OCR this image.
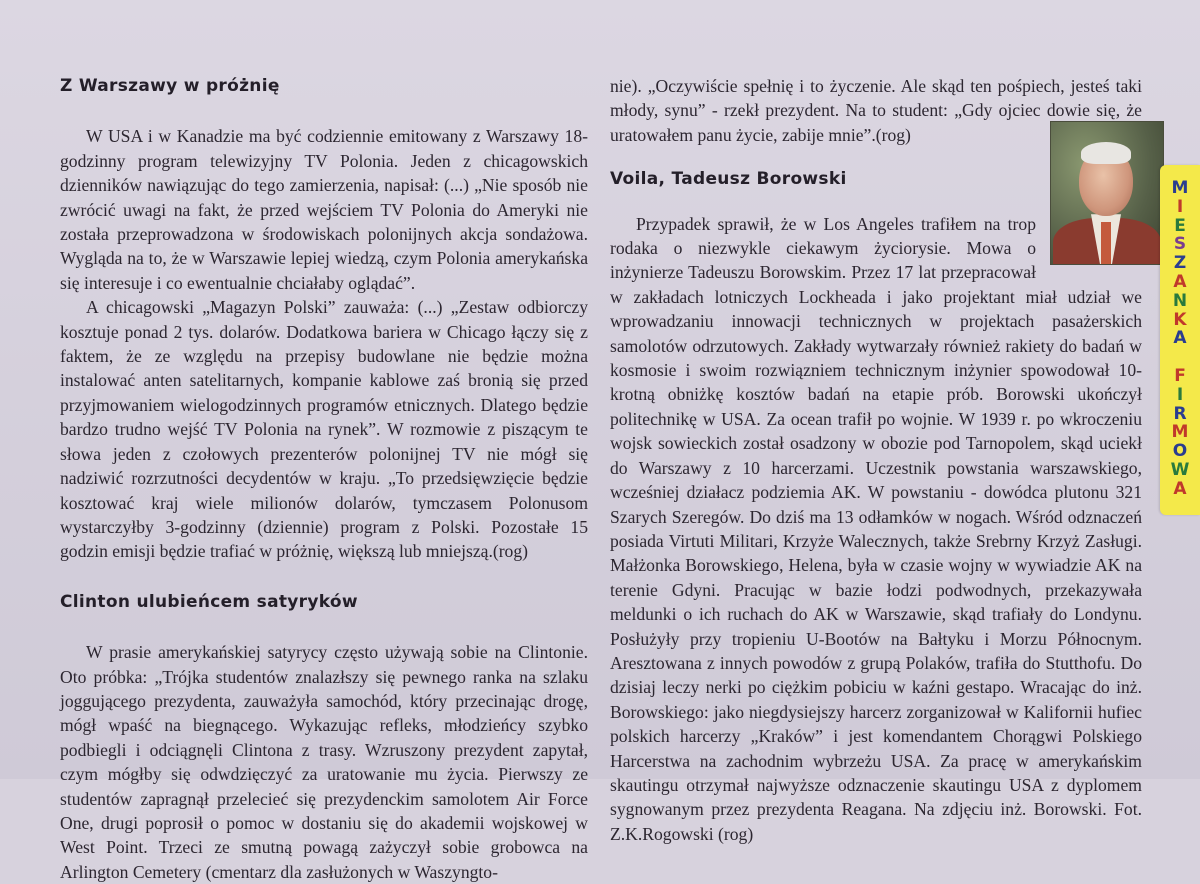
Z Warszawy w próżnię

W USA i w Kanadzie ma być codziennie emitowany z Warszawy 18-godzinny program telewizyjny TV Polonia. Jeden z chicagowskich dzienników nawiązując do tego zamierzenia, napisał: (...) „Nie sposób nie zwrócić uwagi na fakt, że przed wejściem TV Polonia do Ameryki nie została przeprowadzona w środowiskach polonijnych akcja sondażowa. Wygląda na to, że w Warszawie lepiej wiedzą, czym Polonia amerykańska się interesuje i co ewentualnie chciałaby oglądać”.

A chicagowski „Magazyn Polski” zauważa: (...) „Zestaw odbiorczy kosztuje ponad 2 tys. dolarów. Dodatkowa bariera w Chicago łączy się z faktem, że ze względu na przepisy budowlane nie będzie można instalować anten satelitarnych, kompanie kablowe zaś bronią się przed przyjmowaniem wielogodzinnych programów etnicznych. Dlatego będzie bardzo trudno wejść TV Polonia na rynek”. W rozmowie z piszącym te słowa jeden z czołowych prezenterów polonijnej TV nie mógł się nadziwić rozrzutności decydentów w kraju. „To przedsięwzięcie będzie kosztować kraj wiele milionów dolarów, tymczasem Polonusom wystarczyłby 3-godzinny (dziennie) program z Polski. Pozostałe 15 godzin emisji będzie trafiać w próżnię, większą lub mniejszą.(rog)

Clinton ulubieńcem satyryków

W prasie amerykańskiej satyrycy często używają sobie na Clintonie. Oto próbka: „Trójka studentów znalazłszy się pewnego ranka na szlaku joggującego prezydenta, zauważyła samochód, który przecinając drogę, mógł wpaść na biegnącego. Wykazując refleks, młodzieńcy szybko podbiegli i odciągnęli Clintona z trasy. Wzruszony prezydent zapytał, czym mógłby się odwdzięczyć za uratowanie mu życia. Pierwszy ze studentów zapragnął przelecieć się prezydenckim samolotem Air Force One, drugi poprosił o pomoc w dostaniu się do akademii wojskowej w West Point. Trzeci ze smutną powagą zażyczył sobie grobowca na Arlington Cemetery (cmentarz dla zasłużonych w Waszyngto-

nie). „Oczywiście spełnię i to życzenie. Ale skąd ten pośpiech, jesteś taki młody, synu” - rzekł prezydent. Na to student: „Gdy ojciec dowie się, że uratowałem panu życie, zabije mnie”.(rog)

Voila, Tadeusz Borowski

Przypadek sprawił, że w Los Angeles trafiłem na trop rodaka o niezwykle ciekawym życiorysie. Mowa o inżynierze Tadeuszu Borowskim. Przez 17 lat przepracował w zakładach lotniczych Lockheada i jako projektant miał udział we wprowadzaniu innowacji technicznych w projektach pasażerskich samolotów odrzutowych. Zakłady wytwarzały również rakiety do badań w kosmosie i swoim rozwiązniem technicznym inżynier spowodował 10-krotną obniżkę kosztów badań na etapie prób. Borowski ukończył politechnikę w USA. Za ocean trafił po wojnie. W 1939 r. po wkroczeniu wojsk sowieckich został osadzony w obozie pod Tarnopolem, skąd uciekł do Warszawy z 10 harcerzami. Uczestnik powstania warszawskiego, wcześniej działacz podziemia AK. W powstaniu - dowódca plutonu 321 Szarych Szeregów. Do dziś ma 13 odłamków w nogach. Wśród odznaczeń posiada Virtuti Militari, Krzyże Walecznych, także Srebrny Krzyż Zasługi. Małżonka Borowskiego, Helena, była w czasie wojny w wywiadzie AK na terenie Gdyni. Pracując w bazie łodzi podwodnych, przekazywała meldunki o ich ruchach do AK w Warszawie, skąd trafiały do Londynu. Posłużyły przy tropieniu U-Bootów na Bałtyku i Morzu Północnym. Aresztowana z innych powodów z grupą Polaków, trafiła do Stutthofu. Do dzisiaj leczy nerki po ciężkim pobiciu w kaźni gestapo. Wracając do inż. Borowskiego: jako niegdysiejszy harcerz zorganizował w Kalifornii hufiec polskich harcerzy „Kraków” i jest komendantem Chorągwi Polskiego Harcerstwa na zachodnim wybrzeżu USA. Za pracę w amerykańskim skautingu otrzymał najwyższe odznaczenie skautingu USA z dyplomem sygnowanym przez prezydenta Reagana. Na zdjęciu inż. Borowski. Fot. Z.K.Rogowski (rog)

M
I
E
S
Z
A
N
K
A

F
I
R
M
O
W
A
